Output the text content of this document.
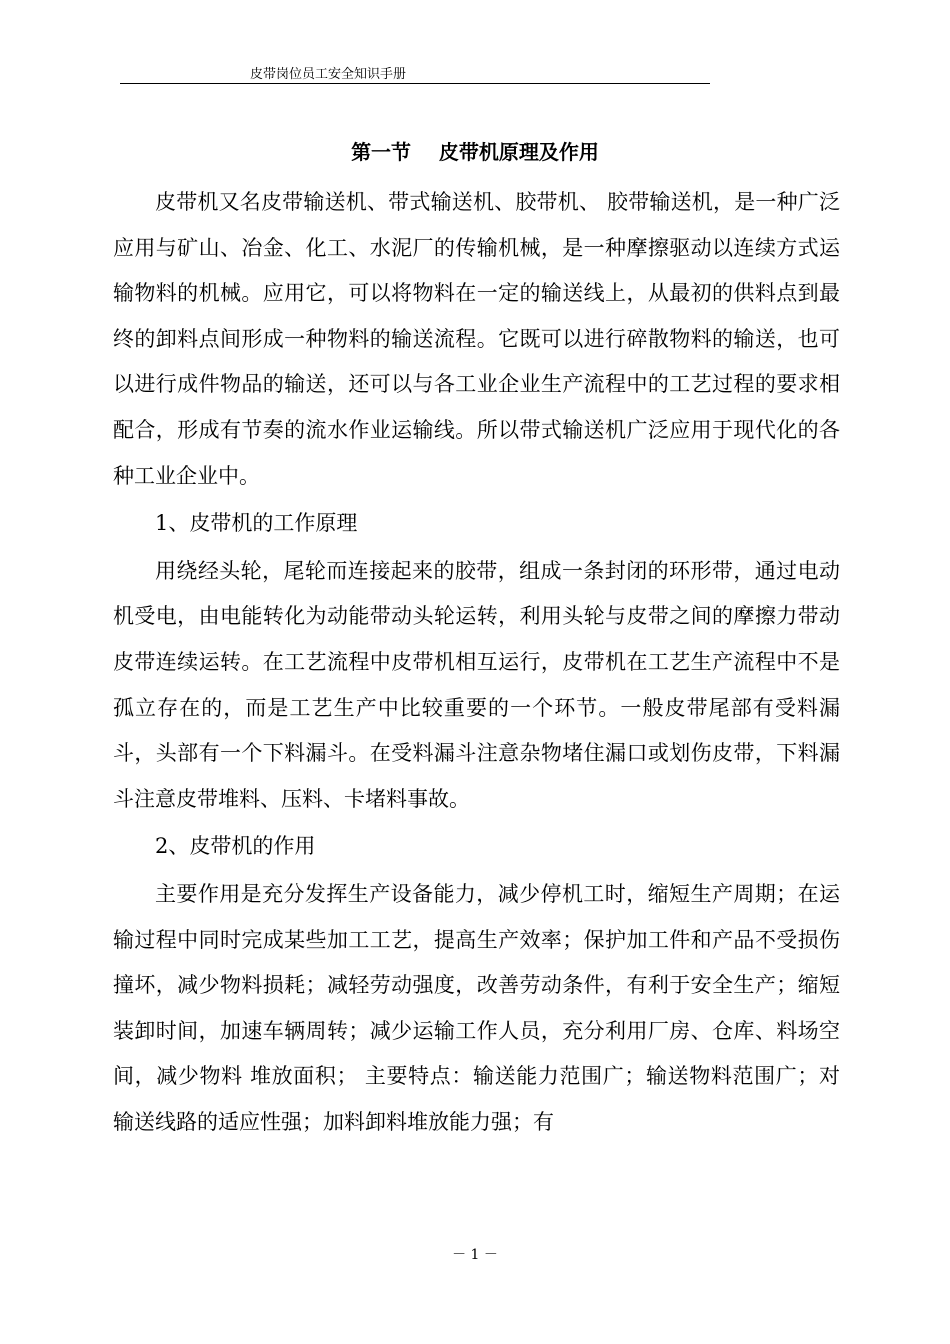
皮带岗位员工安全知识手册
第一节    皮带机原理及作用

皮带机又名皮带输送机、带式输送机、胶带机、 胶带输送机，是一种广泛应用与矿山、冶金、化工、水泥厂的传输机械，是一种摩擦驱动以连续方式运输物料的机械。应用它，可以将物料在一定的输送线上，从最初的供料点到最终的卸料点间形成一种物料的输送流程。它既可以进行碎散物料的输送，也可以进行成件物品的输送，还可以与各工业企业生产流程中的工艺过程的要求相配合，形成有节奏的流水作业运输线。所以带式输送机广泛应用于现代化的各种工业企业中。

1、皮带机的工作原理

用绕经头轮，尾轮而连接起来的胶带，组成一条封闭的环形带，通过电动机受电，由电能转化为动能带动头轮运转，利用头轮与皮带之间的摩擦力带动皮带连续运转。在工艺流程中皮带机相互运行，皮带机在工艺生产流程中不是孤立存在的，而是工艺生产中比较重要的一个环节。一般皮带尾部有受料漏斗，头部有一个下料漏斗。在受料漏斗注意杂物堵住漏口或划伤皮带，下料漏斗注意皮带堆料、压料、卡堵料事故。

2、皮带机的作用

主要作用是充分发挥生产设备能力，减少停机工时，缩短生产周期；在运输过程中同时完成某些加工工艺，提高生产效率；保护加工件和产品不受损伤撞坏，减少物料损耗；减轻劳动强度，改善劳动条件，有利于安全生产；缩短装卸时间，加速车辆周转；减少运输工作人员，充分利用厂房、仓库、料场空间，减少物料 堆放面积； 主要特点：输送能力范围广；输送物料范围广；对输送线路的适应性强；加料卸料堆放能力强；有

－ 1 －
